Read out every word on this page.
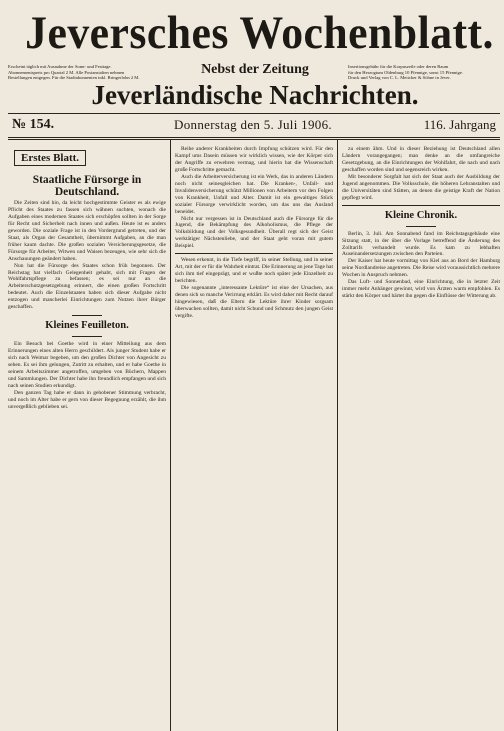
Jeversches Wochenblatt.
Erscheint täglich mit Ausnahme der Sonn- und Festtage.
Abonnementspreis pro Quartal 2 M. Alle Postanstalten nehmen
Bestellungen entgegen. Für die Stadtabonnenten inkl. Bringerlohn 2 M.
Nebst der Zeitung	Insertionsgebühr für die Korpuszeile oder deren Raum
für den Herzogtum Oldenburg 10 Pfennige, sonst 15 Pfennige.
Druck und Verlag von C. L. Mettcker & Söhne in Jever.
Jeverländische Nachrichten.
№ 154.	Donnerstag den 5. Juli 1906.	116. Jahrgang
Erstes Blatt.
Staatliche Fürsorge in Deutschland.

Die Zeiten sind hin, da leicht hochgestimmte Geister es als ewige Pflicht des Staates zu fassen sich wähnen suchten, wonach die Aufgaben eines modernen Staates sich erschöpfen sollten in der Sorge für Recht und Sicherheit nach innen und außen. Heute ist es anders geworden. Die soziale Frage ist in den Vordergrund getreten, und der Staat, als Organ der Gesamtheit, übernimmt Aufgaben, an die man früher kaum dachte. Die großen sozialen Versicherungsgesetze, die Fürsorge für Arbeiter, Witwen und Waisen bezeugen, wie sehr sich die Anschauungen geändert haben.

Nun hat die Fürsorge des Staates schon früh begonnen. Der Reichstag hat vielfach Gelegenheit gehabt, sich mit Fragen der Wohlfahrtspflege zu befassen; es sei nur an die Arbeiterschutzgesetzgebung erinnert, die einen großen Fortschritt bedeutet. Auch die Einzelstaaten haben sich dieser Aufgabe nicht entzogen und mancherlei Einrichtungen zum Nutzen ihrer Bürger geschaffen.

Kleines Feuilleton.

Ein Besuch bei Goethe wird in einer Mitteilung aus dem Erinnerungen eines alten Herrn geschildert. Als junger Student habe er sich nach Weimar begeben, um den großen Dichter von Angesicht zu sehen. Es sei ihm gelungen, Zutritt zu erhalten, und er habe Goethe in seinem Arbeitszimmer angetroffen, umgeben von Büchern, Mappen und Sammlungen. Der Dichter habe ihn freundlich empfangen und sich nach seinen Studien erkundigt.

Den ganzen Tag habe er dann in gehobener Stimmung verbracht, und noch im Alter habe er gern von dieser Begegnung erzählt, die ihm unvergeßlich geblieben sei.

Reihe anderer Krankheiten durch Impfung schützen wird. Für den Kampf ums Dasein müssen wir wirklich wissen, wie der Körper sich der Angriffe zu erwehren vermag, und hierin hat die Wissenschaft große Fortschritte gemacht.

Auch die Arbeiterversicherung ist ein Werk, das in anderen Ländern noch nicht seinesgleichen hat. Die Kranken-, Unfall- und Invalidenversicherung schützt Millionen von Arbeitern vor den Folgen von Krankheit, Unfall und Alter. Damit ist ein gewaltiges Stück sozialer Fürsorge verwirklicht worden, um das uns das Ausland beneidet.

Nicht nur vergessen ist in Deutschland auch die Fürsorge für die Jugend, die Bekämpfung des Alkoholismus, die Pflege der Volksbildung und der Volksgesundheit. Überall regt sich der Geist werktätiger Nächstenliebe, und der Staat geht voran mit gutem Beispiel.

Wesen erkennt, in die Tiefe begriff, in seiner Stellung, und in seiner Art, mit der er für die Wahrheit eintrat. Die Erinnerung an jene Tage hat sich ihm tief eingeprägt, und er wußte noch später jede Einzelheit zu berichten.

Die sogenannte „interessante Lektüre“ ist eine der Ursachen, aus denen sich so manche Verirrung erklärt. Es wird daher mit Recht darauf hingewiesen, daß die Eltern die Lektüre ihrer Kinder sorgsam überwachen sollten, damit nicht Schund und Schmutz den jungen Geist vergifte.

zu einem ähm. Und in dieser Beziehung ist Deutschland allen Ländern vorangegangen; man denke an die umfangreiche Gesetzgebung, an die Einrichtungen der Wohlfahrt, die nach und nach geschaffen worden sind und segensreich wirken.

Mit besonderer Sorgfalt hat sich der Staat auch der Ausbildung der Jugend angenommen. Die Volksschule, die höheren Lehranstalten und die Universitäten sind Stätten, an denen die geistige Kraft der Nation gepflegt wird.

Kleine Chronik.

Berlin, 3. Juli. Am Sonnabend fand im Reichstagsgebäude eine Sitzung statt, in der über die Vorlage betreffend die Änderung des Zolltarifs verhandelt wurde. Es kam zu lebhaften Auseinandersetzungen zwischen den Parteien.

Der Kaiser hat heute vormittag von Kiel aus an Bord der Hamburg seine Nordlandreise angetreten. Die Reise wird voraussichtlich mehrere Wochen in Anspruch nehmen.

Das Luft- und Sonnenbad, eine Einrichtung, die in letzter Zeit immer mehr Anhänger gewinnt, wird von Ärzten warm empfohlen. Es stärkt den Körper und härtet ihn gegen die Einflüsse der Witterung ab.
